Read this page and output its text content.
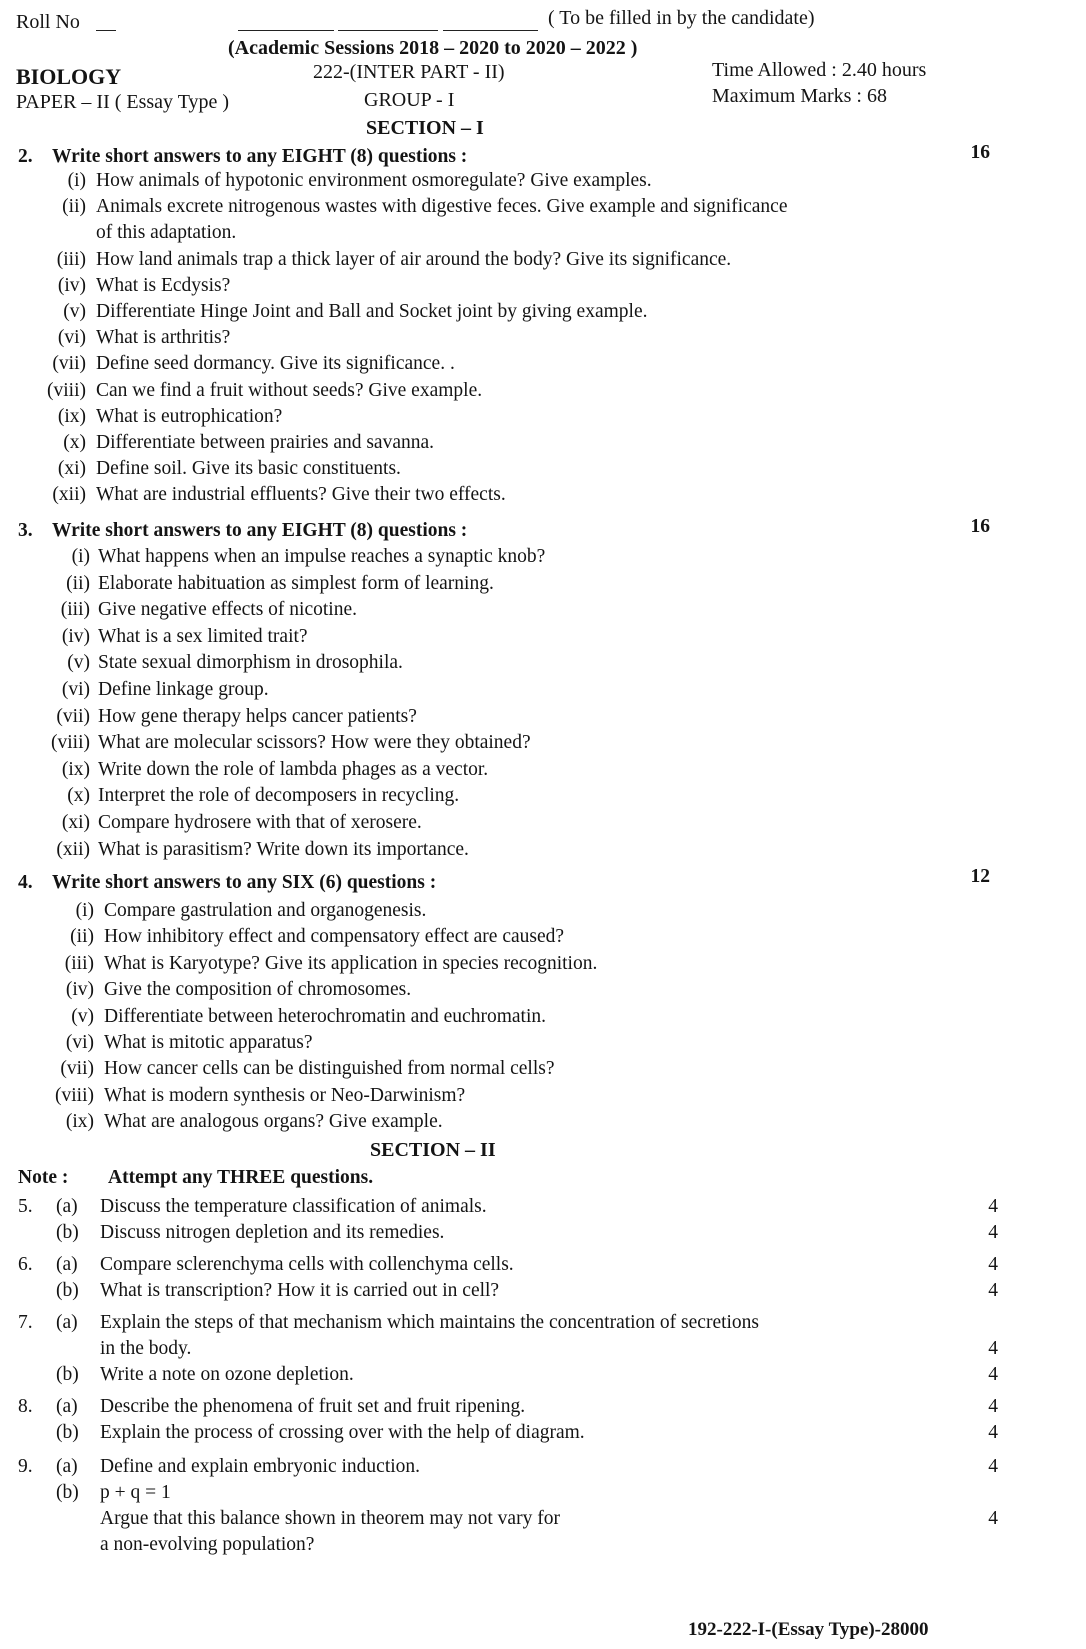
Roll No	( To be filled in by the candidate)
(Academic Sessions 2018 – 2020 to 2020 – 2022 )
BIOLOGY	222-(INTER PART - II)	Time Allowed : 2.40 hours
PAPER – II ( Essay Type )	GROUP - I	Maximum Marks : 68
SECTION – I
2. Write short answers to any EIGHT (8) questions :	16
(i) How animals of hypotonic environment osmoregulate? Give examples.
(ii) Animals excrete nitrogenous wastes with digestive feces. Give example and significance
of this adaptation.
(iii) How land animals trap a thick layer of air around the body? Give its significance.
(iv) What is Ecdysis?
(v) Differentiate Hinge Joint and Ball and Socket joint by giving example.
(vi) What is arthritis?
(vii) Define seed dormancy. Give its significance. .
(viii) Can we find a fruit without seeds? Give example.
(ix) What is eutrophication?
(x) Differentiate between prairies and savanna.
(xi) Define soil. Give its basic constituents.
(xii) What are industrial effluents? Give their two effects.
3. Write short answers to any EIGHT (8) questions :	16
(i) What happens when an impulse reaches a synaptic knob?
(ii) Elaborate habituation as simplest form of learning.
(iii) Give negative effects of nicotine.
(iv) What is a sex limited trait?
(v) State sexual dimorphism in drosophila.
(vi) Define linkage group.
(vii) How gene therapy helps cancer patients?
(viii) What are molecular scissors? How were they obtained?
(ix) Write down the role of lambda phages as a vector.
(x) Interpret the role of decomposers in recycling.
(xi) Compare hydrosere with that of xerosere.
(xii) What is parasitism? Write down its importance.
4. Write short answers to any SIX (6) questions :	12
(i) Compare gastrulation and organogenesis.
(ii) How inhibitory effect and compensatory effect are caused?
(iii) What is Karyotype? Give its application in species recognition.
(iv) Give the composition of chromosomes.
(v) Differentiate between heterochromatin and euchromatin.
(vi) What is mitotic apparatus?
(vii) How cancer cells can be distinguished from normal cells?
(viii) What is modern synthesis or Neo-Darwinism?
(ix) What are analogous organs? Give example.
SECTION – II
Note : Attempt any THREE questions.
5. (a) Discuss the temperature classification of animals.	4
(b) Discuss nitrogen depletion and its remedies.	4
6. (a) Compare sclerenchyma cells with collenchyma cells.	4
(b) What is transcription? How it is carried out in cell?	4
7. (a) Explain the steps of that mechanism which maintains the concentration of secretions
in the body.	4
(b) Write a note on ozone depletion.	4
8. (a) Describe the phenomena of fruit set and fruit ripening.	4
(b) Explain the process of crossing over with the help of diagram.	4
9. (a) Define and explain embryonic induction.	4
(b) p + q = 1
Argue that this balance shown in theorem may not vary for	4
a non-evolving population?
192-222-I-(Essay Type)-28000
